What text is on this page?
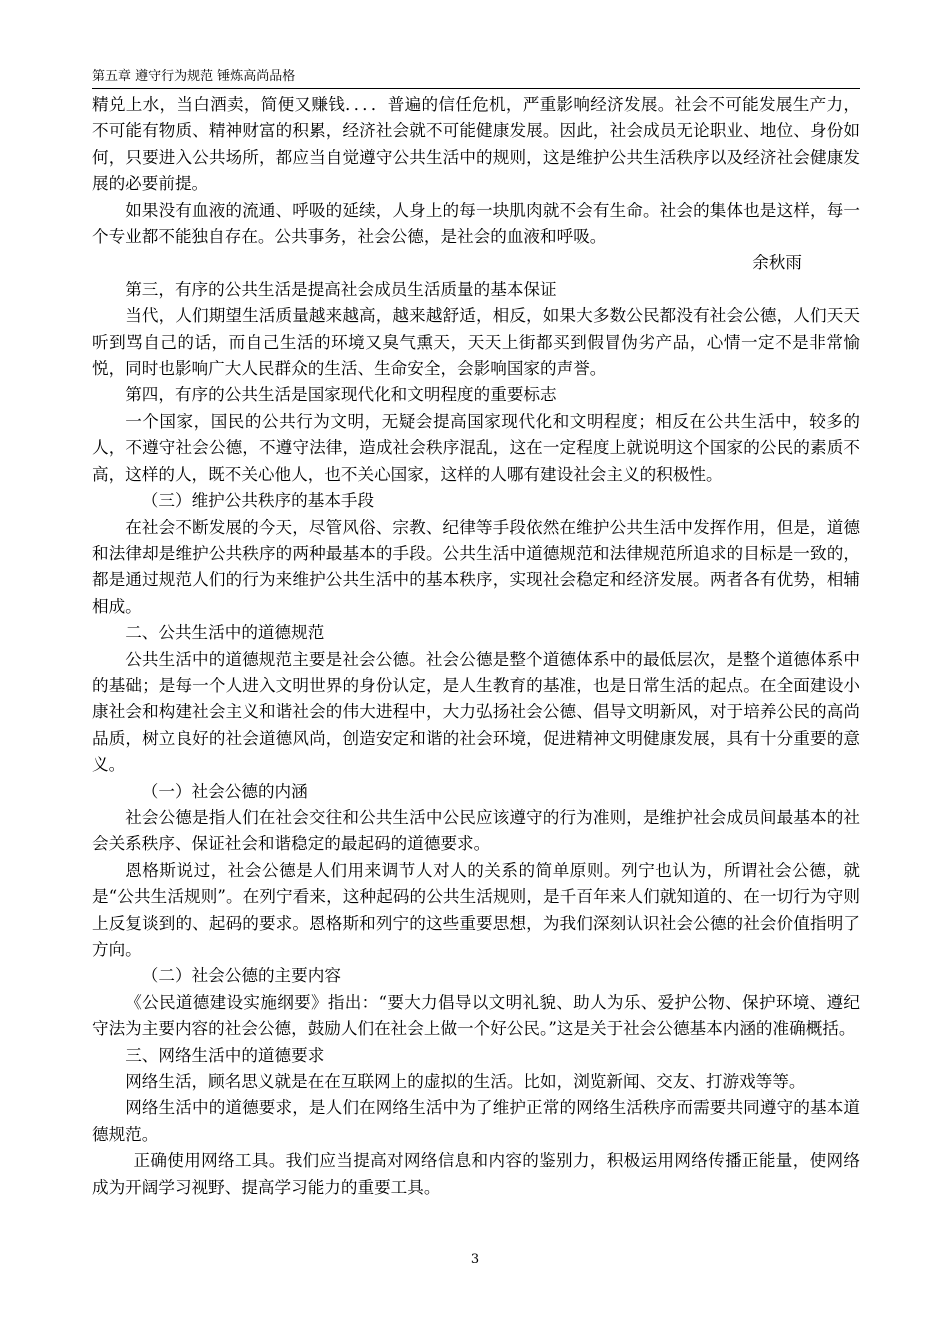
第五章 遵守行为规范 锤炼高尚品格

精兑上水，当白酒卖，简便又赚钱．．．．普遍的信任危机，严重影响经济发展。社会不可能发展生产力，不可能有物质、精神财富的积累，经济社会就不可能健康发展。因此，社会成员无论职业、地位、身份如何，只要进入公共场所，都应当自觉遵守公共生活中的规则，这是维护公共生活秩序以及经济社会健康发展的必要前提。

如果没有血液的流通、呼吸的延续，人身上的每一块肌肉就不会有生命。社会的集体也是这样，每一个专业都不能独自存在。公共事务，社会公德，是社会的血液和呼吸。

余秋雨

第三，有序的公共生活是提高社会成员生活质量的基本保证

当代，人们期望生活质量越来越高，越来越舒适，相反，如果大多数公民都没有社会公德，人们天天听到骂自己的话，而自己生活的环境又臭气熏天，天天上街都买到假冒伪劣产品，心情一定不是非常愉悦，同时也影响广大人民群众的生活、生命安全，会影响国家的声誉。

第四，有序的公共生活是国家现代化和文明程度的重要标志

一个国家，国民的公共行为文明，无疑会提高国家现代化和文明程度；相反在公共生活中，较多的人，不遵守社会公德，不遵守法律，造成社会秩序混乱，这在一定程度上就说明这个国家的公民的素质不高，这样的人，既不关心他人，也不关心国家，这样的人哪有建设社会主义的积极性。

（三）维护公共秩序的基本手段

在社会不断发展的今天，尽管风俗、宗教、纪律等手段依然在维护公共生活中发挥作用，但是，道德和法律却是维护公共秩序的两种最基本的手段。公共生活中道德规范和法律规范所追求的目标是一致的，都是通过规范人们的行为来维护公共生活中的基本秩序，实现社会稳定和经济发展。两者各有优势，相辅相成。

二、公共生活中的道德规范

公共生活中的道德规范主要是社会公德。社会公德是整个道德体系中的最低层次，是整个道德体系中的基础；是每一个人进入文明世界的身份认定，是人生教育的基准，也是日常生活的起点。在全面建设小康社会和构建社会主义和谐社会的伟大进程中，大力弘扬社会公德、倡导文明新风，对于培养公民的高尚品质，树立良好的社会道德风尚，创造安定和谐的社会环境，促进精神文明健康发展，具有十分重要的意义。

（一）社会公德的内涵

社会公德是指人们在社会交往和公共生活中公民应该遵守的行为准则，是维护社会成员间最基本的社会关系秩序、保证社会和谐稳定的最起码的道德要求。

恩格斯说过，社会公德是人们用来调节人对人的关系的简单原则。列宁也认为，所谓社会公德，就是“公共生活规则”。在列宁看来，这种起码的公共生活规则，是千百年来人们就知道的、在一切行为守则上反复谈到的、起码的要求。恩格斯和列宁的这些重要思想，为我们深刻认识社会公德的社会价值指明了方向。

（二）社会公德的主要内容

《公民道德建设实施纲要》指出：“要大力倡导以文明礼貌、助人为乐、爱护公物、保护环境、遵纪守法为主要内容的社会公德，鼓励人们在社会上做一个好公民。”这是关于社会公德基本内涵的准确概括。

三、网络生活中的道德要求

网络生活，顾名思义就是在在互联网上的虚拟的生活。比如，浏览新闻、交友、打游戏等等。

网络生活中的道德要求，是人们在网络生活中为了维护正常的网络生活秩序而需要共同遵守的基本道德规范。

正确使用网络工具。我们应当提高对网络信息和内容的鉴别力，积极运用网络传播正能量，使网络成为开阔学习视野、提高学习能力的重要工具。

3
